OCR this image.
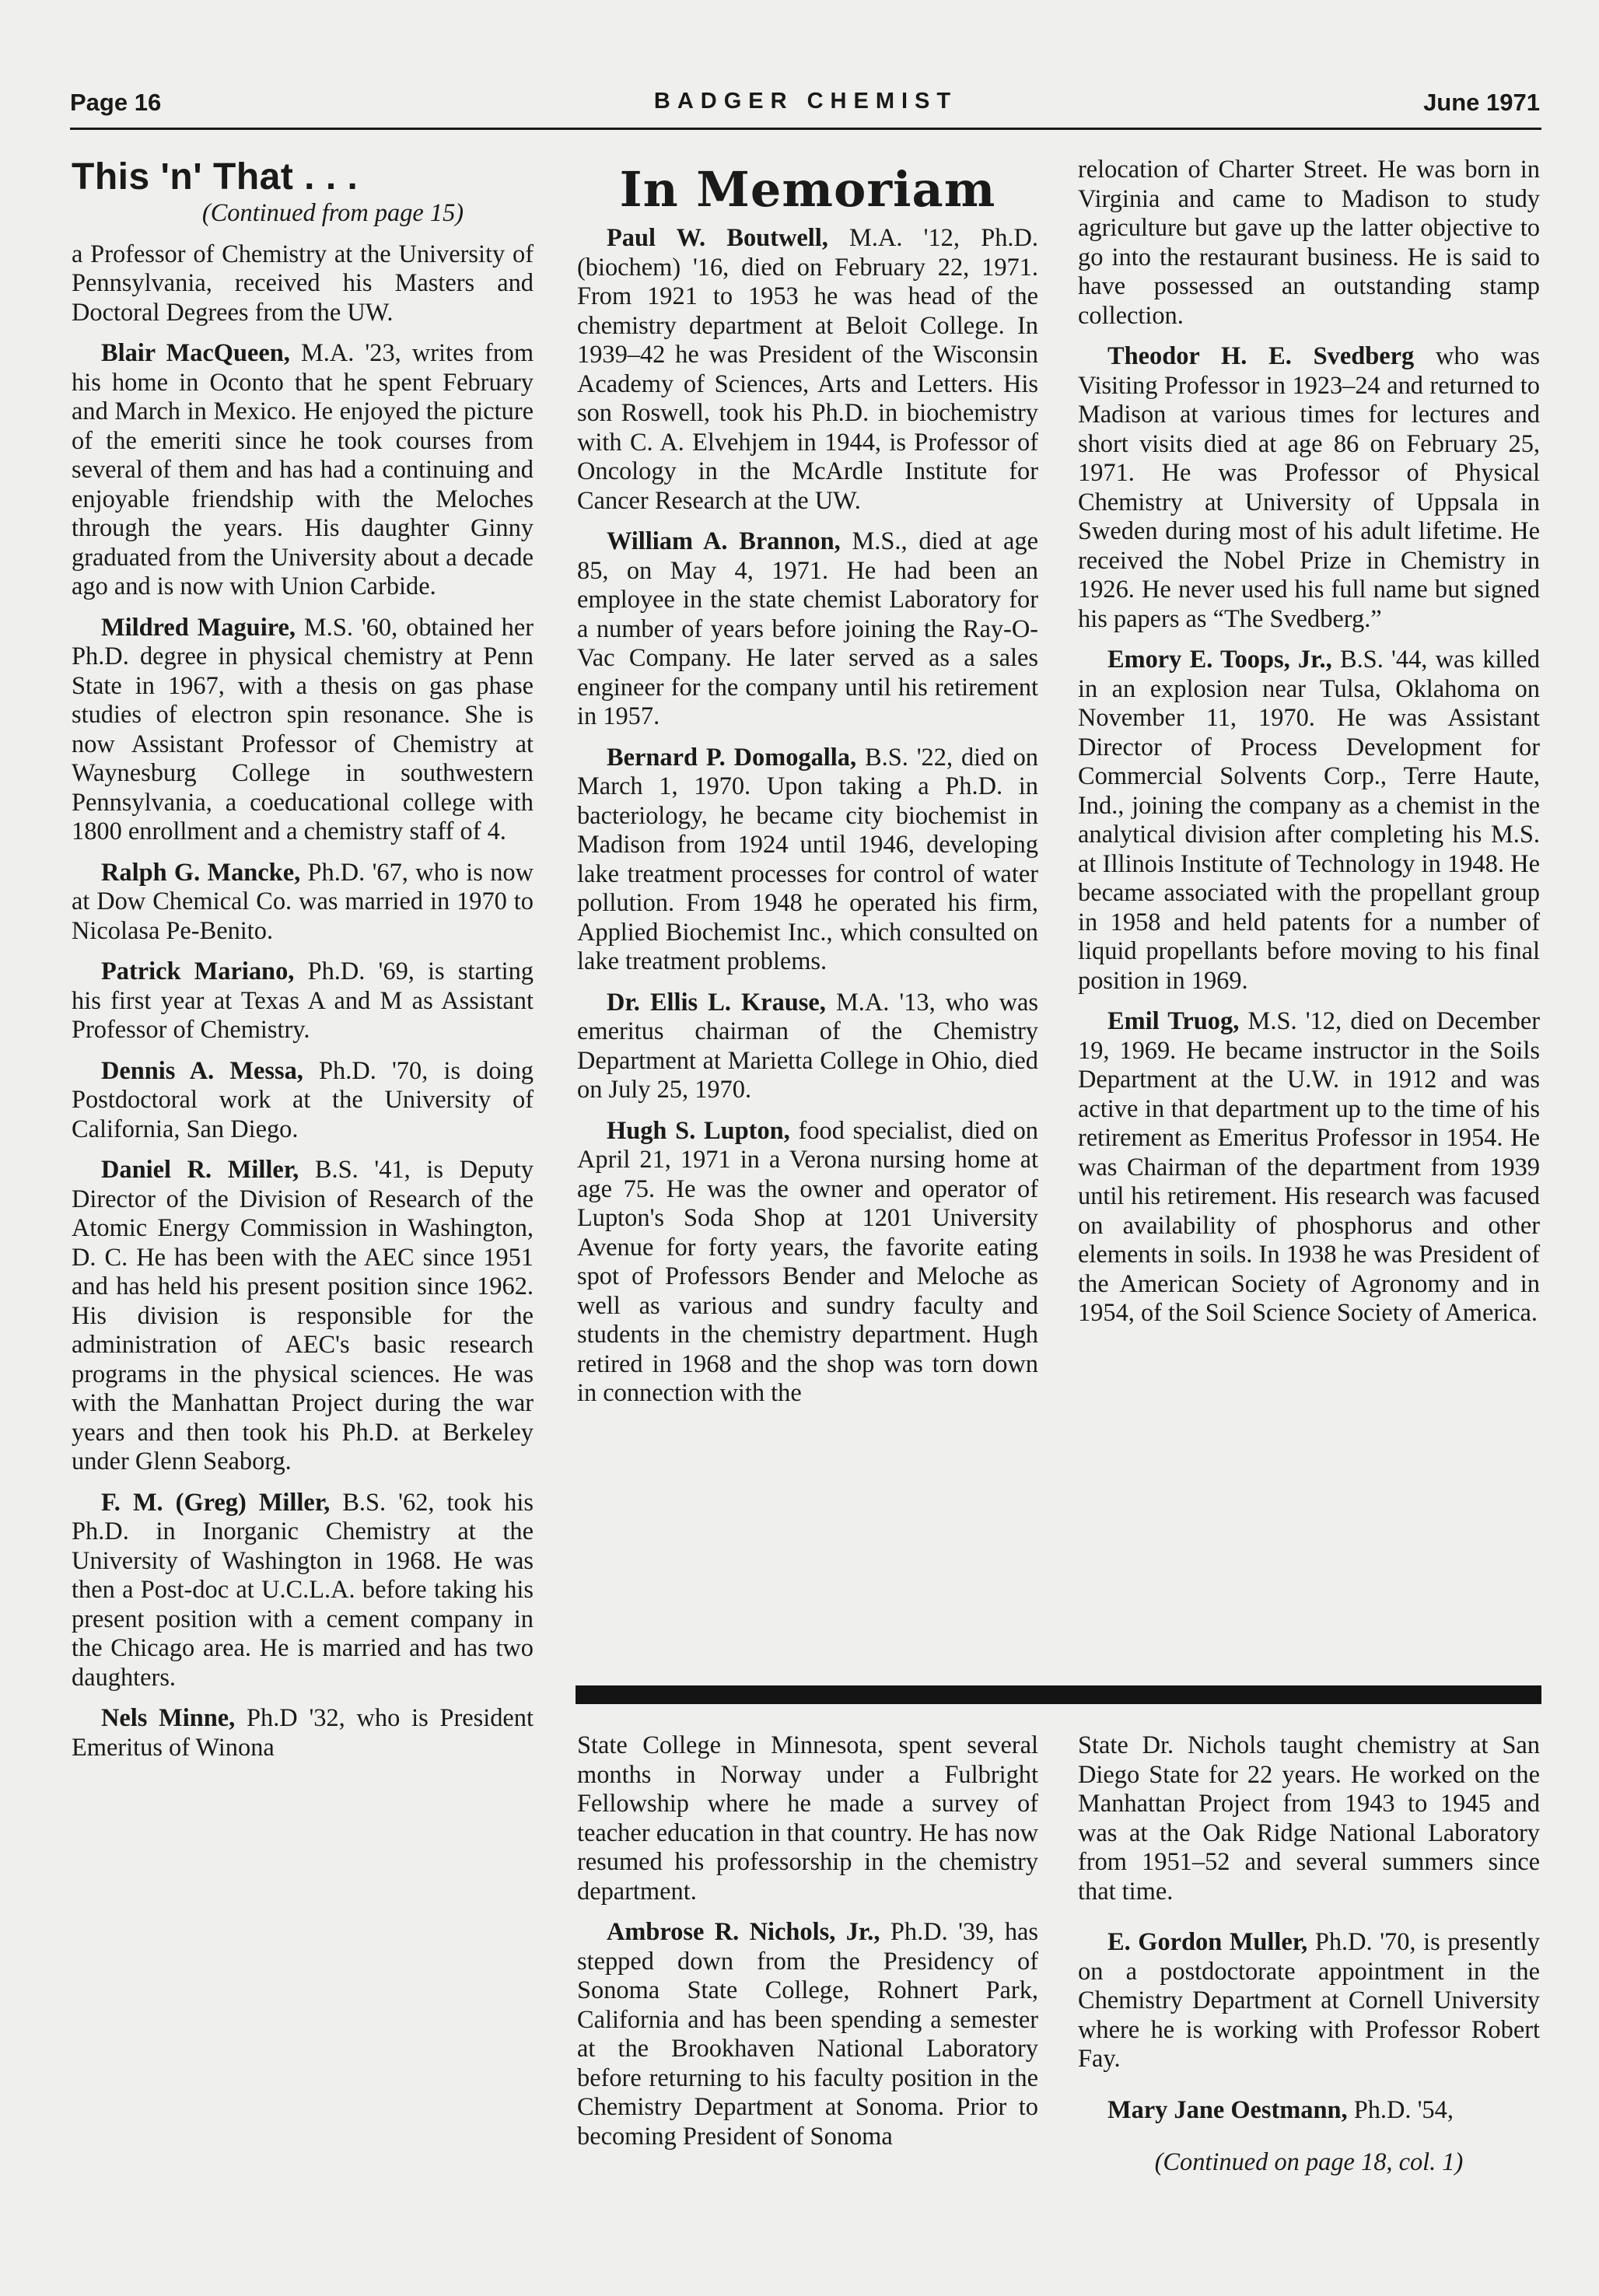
Page 16	BADGER CHEMIST	June 1971
This 'n' That . . .

(Continued from page 15)

a Professor of Chemistry at the University of Pennsylvania, received his Masters and Doctoral Degrees from the UW.

Blair MacQueen, M.A. '23, writes from his home in Oconto that he spent February and March in Mexico. He enjoyed the picture of the emeriti since he took courses from several of them and has had a continuing and enjoyable friendship with the Meloches through the years. His daughter Ginny graduated from the University about a decade ago and is now with Union Carbide.

Mildred Maguire, M.S. '60, obtained her Ph.D. degree in physical chemistry at Penn State in 1967, with a thesis on gas phase studies of electron spin resonance. She is now Assistant Professor of Chemistry at Waynesburg College in southwestern Pennsylvania, a coeducational college with 1800 enrollment and a chemistry staff of 4.

Ralph G. Mancke, Ph.D. '67, who is now at Dow Chemical Co. was married in 1970 to Nicolasa Pe-Benito.

Patrick Mariano, Ph.D. '69, is starting his first year at Texas A and M as Assistant Professor of Chemistry.

Dennis A. Messa, Ph.D. '70, is doing Postdoctoral work at the University of California, San Diego.

Daniel R. Miller, B.S. '41, is Deputy Director of the Division of Research of the Atomic Energy Commission in Washington, D. C. He has been with the AEC since 1951 and has held his present position since 1962. His division is responsible for the administration of AEC's basic research programs in the physical sciences. He was with the Manhattan Project during the war years and then took his Ph.D. at Berkeley under Glenn Seaborg.

F. M. (Greg) Miller, B.S. '62, took his Ph.D. in Inorganic Chemistry at the University of Washington in 1968. He was then a Post-doc at U.C.L.A. before taking his present position with a cement company in the Chicago area. He is married and has two daughters.

Nels Minne, Ph.D '32, who is President Emeritus of Winona

In Memoriam

Paul W. Boutwell, M.A. '12, Ph.D. (biochem) '16, died on February 22, 1971. From 1921 to 1953 he was head of the chemistry department at Beloit College. In 1939–42 he was President of the Wisconsin Academy of Sciences, Arts and Letters. His son Roswell, took his Ph.D. in biochemistry with C. A. Elvehjem in 1944, is Professor of Oncology in the McArdle Institute for Cancer Research at the UW.

William A. Brannon, M.S., died at age 85, on May 4, 1971. He had been an employee in the state chemist Laboratory for a number of years before joining the Ray-O-Vac Company. He later served as a sales engineer for the company until his retirement in 1957.

Bernard P. Domogalla, B.S. '22, died on March 1, 1970. Upon taking a Ph.D. in bacteriology, he became city biochemist in Madison from 1924 until 1946, developing lake treatment processes for control of water pollution. From 1948 he operated his firm, Applied Biochemist Inc., which consulted on lake treatment problems.

Dr. Ellis L. Krause, M.A. '13, who was emeritus chairman of the Chemistry Department at Marietta College in Ohio, died on July 25, 1970.

Hugh S. Lupton, food specialist, died on April 21, 1971 in a Verona nursing home at age 75. He was the owner and operator of Lupton's Soda Shop at 1201 University Avenue for forty years, the favorite eating spot of Professors Bender and Meloche as well as various and sundry faculty and students in the chemistry department. Hugh retired in 1968 and the shop was torn down in connection with the

relocation of Charter Street. He was born in Virginia and came to Madison to study agriculture but gave up the latter objective to go into the restaurant business. He is said to have possessed an outstanding stamp collection.

Theodor H. E. Svedberg who was Visiting Professor in 1923–24 and returned to Madison at various times for lectures and short visits died at age 86 on February 25, 1971. He was Professor of Physical Chemistry at University of Uppsala in Sweden during most of his adult lifetime. He received the Nobel Prize in Chemistry in 1926. He never used his full name but signed his papers as “The Svedberg.”

Emory E. Toops, Jr., B.S. '44, was killed in an explosion near Tulsa, Oklahoma on November 11, 1970. He was Assistant Director of Process Development for Commercial Solvents Corp., Terre Haute, Ind., joining the company as a chemist in the analytical division after completing his M.S. at Illinois Institute of Technology in 1948. He became associated with the propellant group in 1958 and held patents for a number of liquid propellants before moving to his final position in 1969.

Emil Truog, M.S. '12, died on December 19, 1969. He became instructor in the Soils Department at the U.W. in 1912 and was active in that department up to the time of his retirement as Emeritus Professor in 1954. He was Chairman of the department from 1939 until his retirement. His research was facused on availability of phosphorus and other elements in soils. In 1938 he was President of the American Society of Agronomy and in 1954, of the Soil Science Society of America.

State College in Minnesota, spent several months in Norway under a Fulbright Fellowship where he made a survey of teacher education in that country. He has now resumed his professorship in the chemistry department.

Ambrose R. Nichols, Jr., Ph.D. '39, has stepped down from the Presidency of Sonoma State College, Rohnert Park, California and has been spending a semester at the Brookhaven National Laboratory before returning to his faculty position in the Chemistry Department at Sonoma. Prior to becoming President of Sonoma

State Dr. Nichols taught chemistry at San Diego State for 22 years. He worked on the Manhattan Project from 1943 to 1945 and was at the Oak Ridge National Laboratory from 1951–52 and several summers since that time.

E. Gordon Muller, Ph.D. '70, is presently on a postdoctorate appointment in the Chemistry Department at Cornell University where he is working with Professor Robert Fay.

Mary Jane Oestmann, Ph.D. '54,

(Continued on page 18, col. 1)
